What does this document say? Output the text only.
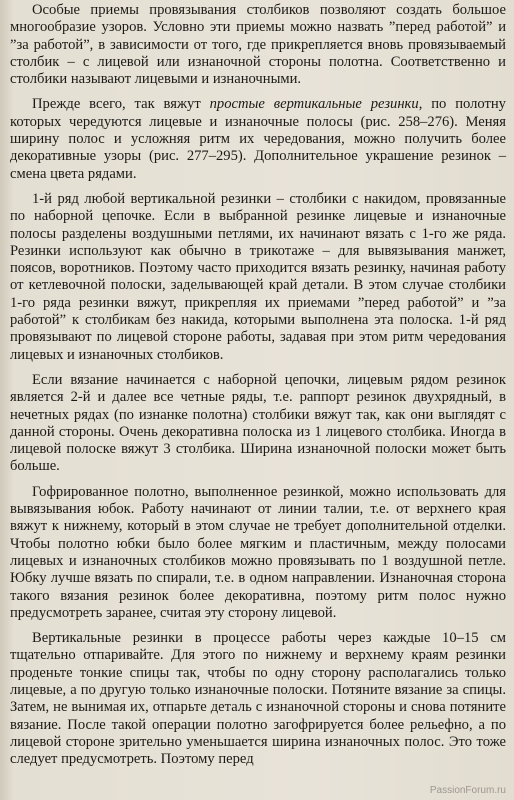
Особые приемы провязывания столбиков позволяют создать большое многообразие узоров. Условно эти приемы можно назвать ”перед работой” и ”за работой”, в зависимости от того, где прикрепляется вновь провязываемый столбик – с лицевой или изнаночной стороны полотна. Соответственно и столбики называют лицевыми и изнаночными.

Прежде всего, так вяжут простые вертикальные резинки, по полотну которых чередуются лицевые и изнаночные полосы (рис. 258–276). Меняя ширину полос и усложняя ритм их чередования, можно получить более декоративные узоры (рис. 277–295). Дополнительное украшение резинок – смена цвета рядами.

1-й ряд любой вертикальной резинки – столбики с накидом, провязанные по наборной цепочке. Если в выбранной резинке лицевые и изнаночные полосы разделены воздушными петлями, их начинают вязать с 1-го же ряда. Резинки используют как обычно в трикотаже – для вывязывания манжет, поясов, воротников. Поэтому часто приходится вязать резинку, начиная работу от кетлевочной полоски, заделывающей край детали. В этом случае столбики 1-го ряда резинки вяжут, прикрепляя их приемами ”перед работой” и ”за работой” к столбикам без накида, которыми выполнена эта полоска. 1-й ряд провязывают по лицевой стороне работы, задавая при этом ритм чередования лицевых и изнаночных столбиков.

Если вязание начинается с наборной цепочки, лицевым рядом резинок является 2-й и далее все четные ряды, т.е. раппорт резинок двухрядный, в нечетных рядах (по изнанке полотна) столбики вяжут так, как они выглядят с данной стороны. Очень декоративна полоска из 1 лицевого столбика. Иногда в лицевой полоске вяжут 3 столбика. Ширина изнаночной полоски может быть больше.

Гофрированное полотно, выполненное резинкой, можно использовать для вывязывания юбок. Работу начинают от линии талии, т.е. от верхнего края вяжут к нижнему, который в этом случае не требует дополнительной отделки. Чтобы полотно юбки было более мягким и пластичным, между полосами лицевых и изнаночных столбиков можно провязывать по 1 воздушной петле. Юбку лучше вязать по спирали, т.е. в одном направлении. Изнаночная сторона такого вязания резинок более декоративна, поэтому ритм полос нужно предусмотреть заранее, считая эту сторону лицевой.

Вертикальные резинки в процессе работы через каждые 10–15 см тщательно отпаривайте. Для этого по нижнему и верхнему краям резинки проденьте тонкие спицы так, чтобы по одну сторону располагались только лицевые, а по другую только изнаночные полоски. Потяните вязание за спицы. Затем, не вынимая их, отпарьте деталь с изнаночной стороны и снова потяните вязание. После такой операции полотно загофрируется более рельефно, а по лицевой стороне зрительно уменьшается ширина изнаночных полос. Это тоже следует предусмотреть. Поэтому перед

PassionForum.ru
